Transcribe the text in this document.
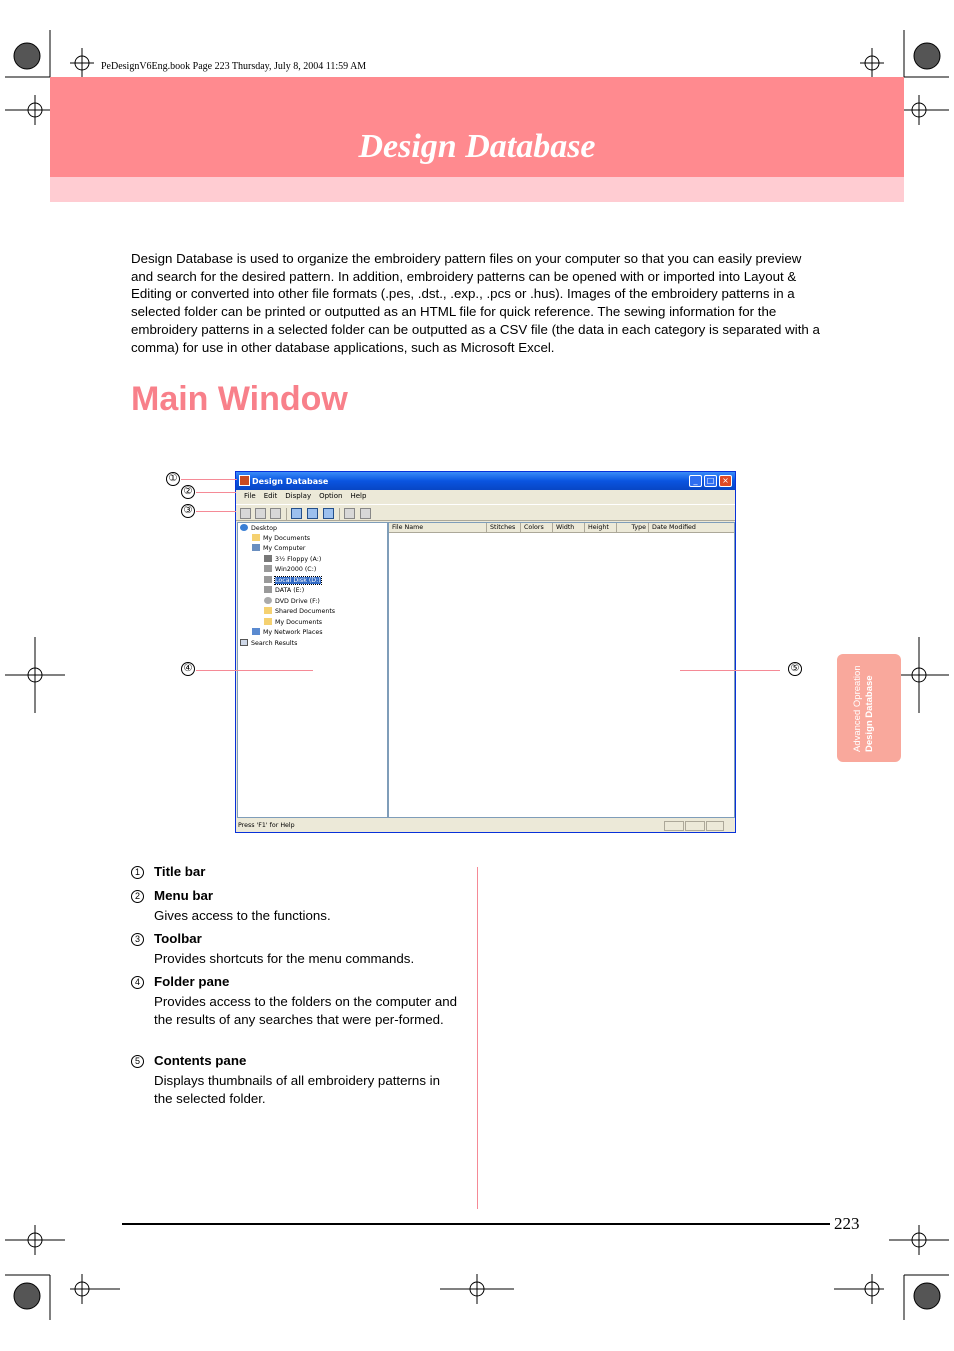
PeDesignV6Eng.book Page 223 Thursday, July 8, 2004 11:59 AM
Design Database

Design Database is used to organize the embroidery pattern files on your computer so that you can easily preview and search for the desired pattern. In addition, embroidery patterns can be opened with or imported into Layout & Editing or converted into other file formats (.pes, .dst., .exp., .pcs or .hus). Images of the embroidery patterns in a selected folder can be printed or outputted as an HTML file for quick reference. The sewing information for the embroidery patterns in a selected folder can be outputted as a CSV file (the data in each category is separated with a comma) for use in other database applications, such as Microsoft Excel.

Main Window
Design Database	_	□ ×
File	Edit	Display	Option	Help
Desktop
My Documents
My Computer
3½ Floppy (A:)
Win2000 (C:)
Local Disk (D:)
DATA (E:)
DVD Drive (F:)
Shared Documents
My Documents
My Network Places
Search Results
File Name	Stitches	Colors	Width	Height	Type Date Modified
Press 'F1' for Help
①
②
③
④	⑤
1	Title bar
2	Menu bar
Gives access to the functions.
3	Toolbar
Provides shortcuts for the menu commands.
4	Folder pane
Provides access to the folders on the computer and the results of any searches that were per-formed.
5	Contents pane
Displays thumbnails of all embroidery patterns in the selected folder.
Advanced Opreation Design Database
223
